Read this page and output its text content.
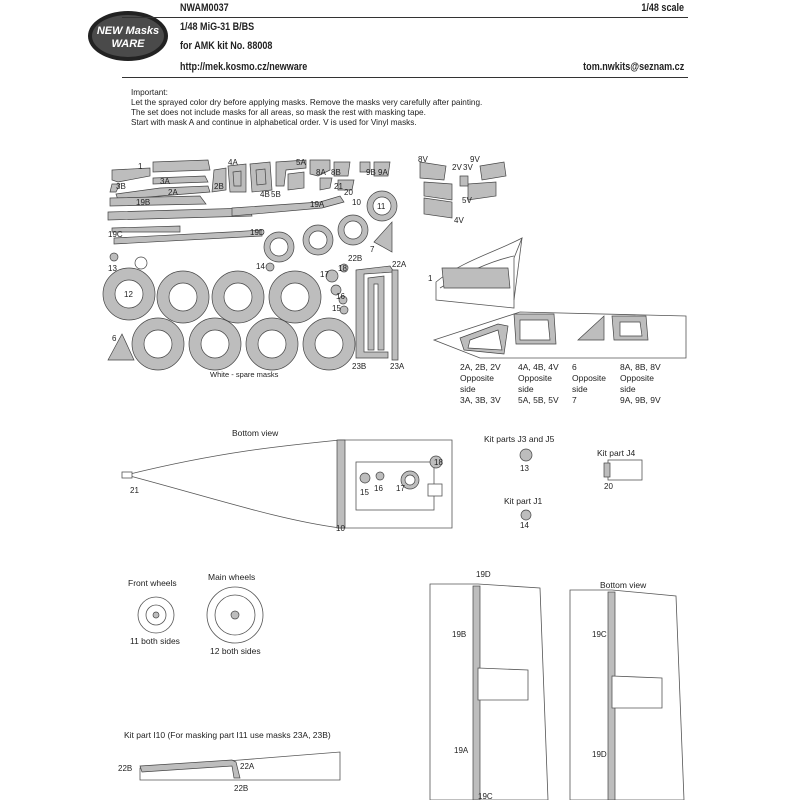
NEW Masks
WARE
NWAM0037	1/48 scale
1/48 MiG-31 B/BS
for AMK kit No. 88008
http://mek.kosmo.cz/newware	tom.nwkits@seznam.cz
Important:
Let the sprayed color dry before applying masks. Remove the masks very carefully after painting.
The set does not include masks for all areas, so mask the rest with masking tape.
Start with mask A and continue in alphabetical order. V is used for Vinyl masks.
1
3B
3A
2A
2B
4A
4B 5B
5A
8A 8B	9B 9A
21
20
10 11
19B	19A
19D
19C
7
13	14
17
18
16
15
22B
22A
12
6
23B	23A
White - spare masks
8V	9V
2V 3V
5V
4V
1
2A, 2B, 2V
Opposite side
3A, 3B, 3V
4A, 4B, 4V
Opposite side
5A, 5B, 5V
6
Opposite side
7
8A, 8B, 8V
Opposite side
9A, 9B, 9V
Bottom view
21
10
15 16 17
18
Kit parts J3 and J5
13
Kit part J4
20
Kit part J1
14
Front wheels
11 both sides
Main wheels
12 both sides
19D
19B
19A
19C
Bottom view
19C
19D
Kit part I10 (For masking part I11 use masks 23A, 23B)
22B	22A
22B
